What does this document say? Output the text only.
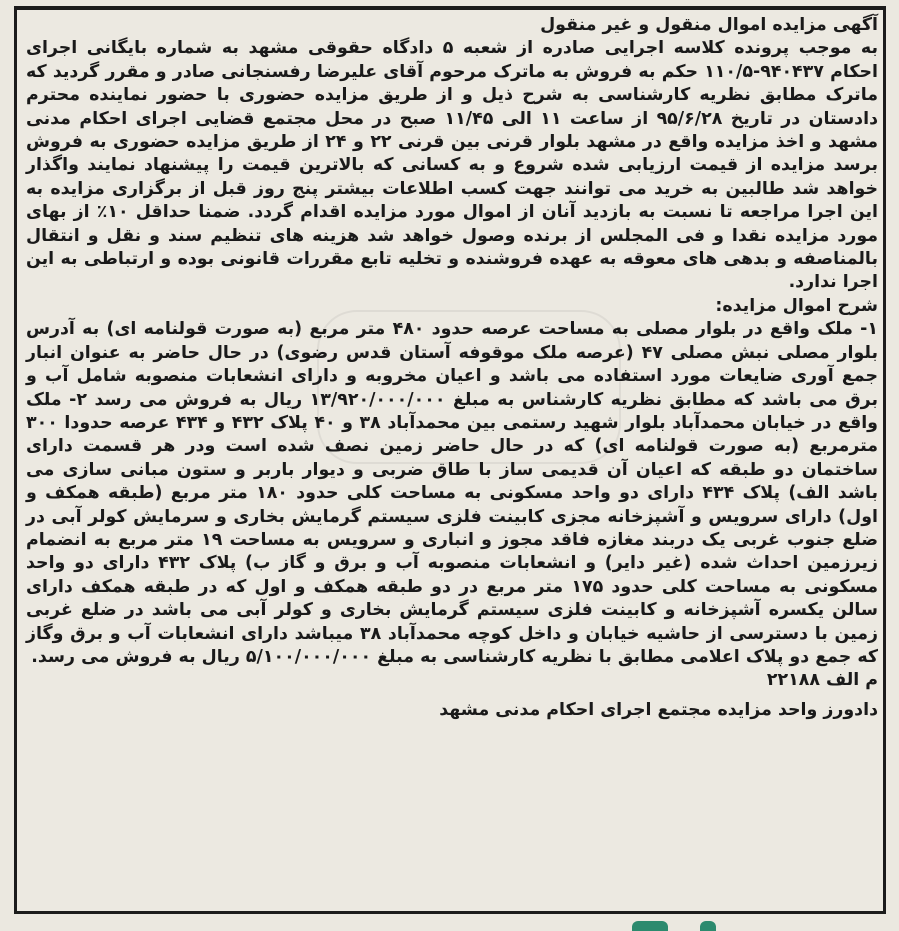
آگهی مزایده اموال منقول و غیر منقول
به موجب پرونده کلاسه اجرایی صادره از شعبه ۵ دادگاه حقوقی مشهد به شماره بایگانی اجرای احکام ۹۴۰۴۳۷-۱۱۰/۵ حکم به فروش به ماترک مرحوم آقای علیرضا رفسنجانی صادر و مقرر گردید که ماترک مطابق نظریه کارشناسی به شرح ذیل و از طریق مزایده حضوری با حضور نماینده محترم دادستان در تاریخ ۹۵/۶/۲۸ از ساعت ۱۱ الی ۱۱/۴۵ صبح در محل مجتمع قضایی اجرای احکام مدنی مشهد و اخذ مزایده واقع در مشهد بلوار قرنی بین قرنی ۲۲ و ۲۴ از طریق مزایده حضوری به فروش برسد مزایده از قیمت ارزیابی شده شروع و به کسانی که بالاترین قیمت را پیشنهاد نمایند واگذار خواهد شد طالبین به خرید می توانند جهت کسب اطلاعات بیشتر پنج روز قبل از برگزاری مزایده به این اجرا مراجعه تا نسبت به بازدید آنان از اموال مورد مزایده اقدام گردد. ضمنا حداقل ۱۰٪ از بهای مورد مزایده نقدا و فی المجلس از برنده وصول خواهد شد هزینه های تنظیم سند و نقل و انتقال بالمناصفه و بدهی های معوقه به عهده فروشنده و تخلیه تابع مقررات قانونی بوده و ارتباطی به این اجرا ندارد.
شرح اموال مزایده:
۱- ملک واقع در بلوار مصلی به مساحت عرصه حدود ۴۸۰ متر مربع (به صورت قولنامه ای) به آدرس بلوار مصلی نبش مصلی ۴۷ (عرصه ملک موقوفه آستان قدس رضوی) در حال حاضر به عنوان انبار جمع آوری ضایعات مورد استفاده می باشد و اعیان مخروبه و دارای انشعابات منصوبه شامل آب و برق می باشد که مطابق نظریه کارشناس به مبلغ ۱۳/۹۲۰/۰۰۰/۰۰۰ ریال به فروش می رسد ۲- ملک واقع در خیابان محمدآباد بلوار شهید رستمی بین محمدآباد ۳۸ و ۴۰ پلاک ۴۳۲ و ۴۳۴ عرصه حدودا ۳۰۰ مترمربع (به صورت قولنامه ای) که در حال حاضر زمین نصف شده است ودر هر قسمت دارای ساختمان دو طبقه که اعیان آن قدیمی ساز با طاق ضربی و دیوار باربر و ستون مبانی سازی می باشد الف) پلاک ۴۳۴ دارای دو واحد مسکونی به مساحت کلی حدود ۱۸۰ متر مربع (طبقه همکف و اول) دارای سرویس و آشپزخانه مجزی کابینت فلزی سیستم گرمایش بخاری و سرمایش کولر آبی در ضلع جنوب غربی یک دربند مغازه فاقد مجوز و انباری و سرویس به مساحت ۱۹ متر مربع به انضمام زیرزمین احداث شده (غیر دایر) و انشعابات منصوبه آب و برق و گاز ب) پلاک ۴۳۲ دارای دو واحد مسکونی به مساحت کلی حدود ۱۷۵ متر مربع در دو طبقه همکف و اول که در طبقه همکف دارای سالن یکسره آشپزخانه و کابینت فلزی سیستم گرمایش بخاری و کولر آبی می باشد در ضلع غربی زمین با دسترسی از حاشیه خیابان و داخل کوچه محمدآباد ۳۸ میباشد دارای انشعابات آب و برق وگاز که جمع دو پلاک اعلامی مطابق با نظریه کارشناسی به مبلغ ۵/۱۰۰/۰۰۰/۰۰۰ ریال به فروش می رسد.
م الف ۲۲۱۸۸
دادورز واحد مزایده مجتمع اجرای احکام مدنی مشهد
